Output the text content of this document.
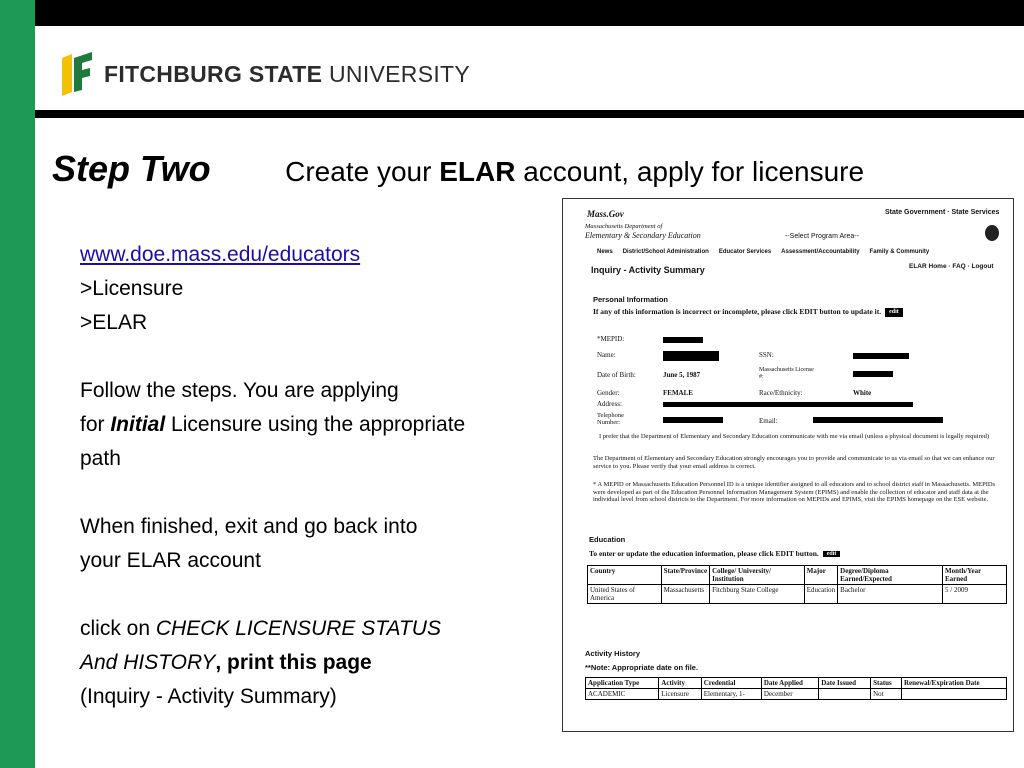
FITCHBURG STATE UNIVERSITY
Step Two	Create your ELAR account, apply for licensure

www.doe.mass.edu/educators

>Licensure

>ELAR

Follow the steps. You are applying

for Initial Licensure using the appropriate

path

When finished, exit and go back into

your ELAR account

click on CHECK LICENSURE STATUS

And HISTORY, print this page

(Inquiry - Activity Summary)

Mass.Gov
Massachusetts Department of
Elementary & Secondary Education
State Government · State Services
--Select Program Area--
News District/School Administration Educator Services Assessment/Accountability Family & Community
Inquiry - Activity Summary	ELAR Home · FAQ · Logout
Personal Information
If any of this information is incorrect or incomplete, please click EDIT button to update it. edit
*MEPID:
Name:	SSN:
Date of Birth:	June 5, 1987
Massachusetts License #:
Gender:	FEMALE	Race/Ethnicity:	White
Address:
Telephone Number:	Email:
I prefer that the Department of Elementary and Secondary Education communicate with me via email (unless a physical document is legally required)
The Department of Elementary and Secondary Education strongly encourages you to provide and communicate to us via email so that we can enhance our service to you. Please verify that your email address is correct.
* A MEPID or Massachusetts Education Personnel ID is a unique identifier assigned to all educators and to school district staff in Massachusetts. MEPIDs were developed as part of the Education Personnel Information Management System (EPIMS) and enable the collection of educator and staff data at the individual level from school districts to the Department. For more information on MEPIDs and EPIMS, visit the EPIMS homepage on the ESE website.
Education
To enter or update the education information, please click EDIT button. edit
Country	State/Province	College/ University/ Institution	Major	Degree/Diploma Earned/Expected	Month/Year Earned
United States of America	Massachusetts	Fitchburg State College	Education	Bachelor	5 / 2009
Activity History
**Note: Appropriate date on file.
Application Type	Activity	Credential	Date Applied	Date Issued	Status	Renewal/Expiration Date
ACADEMIC	Licensure	Elementary, 1-	December		Not	
